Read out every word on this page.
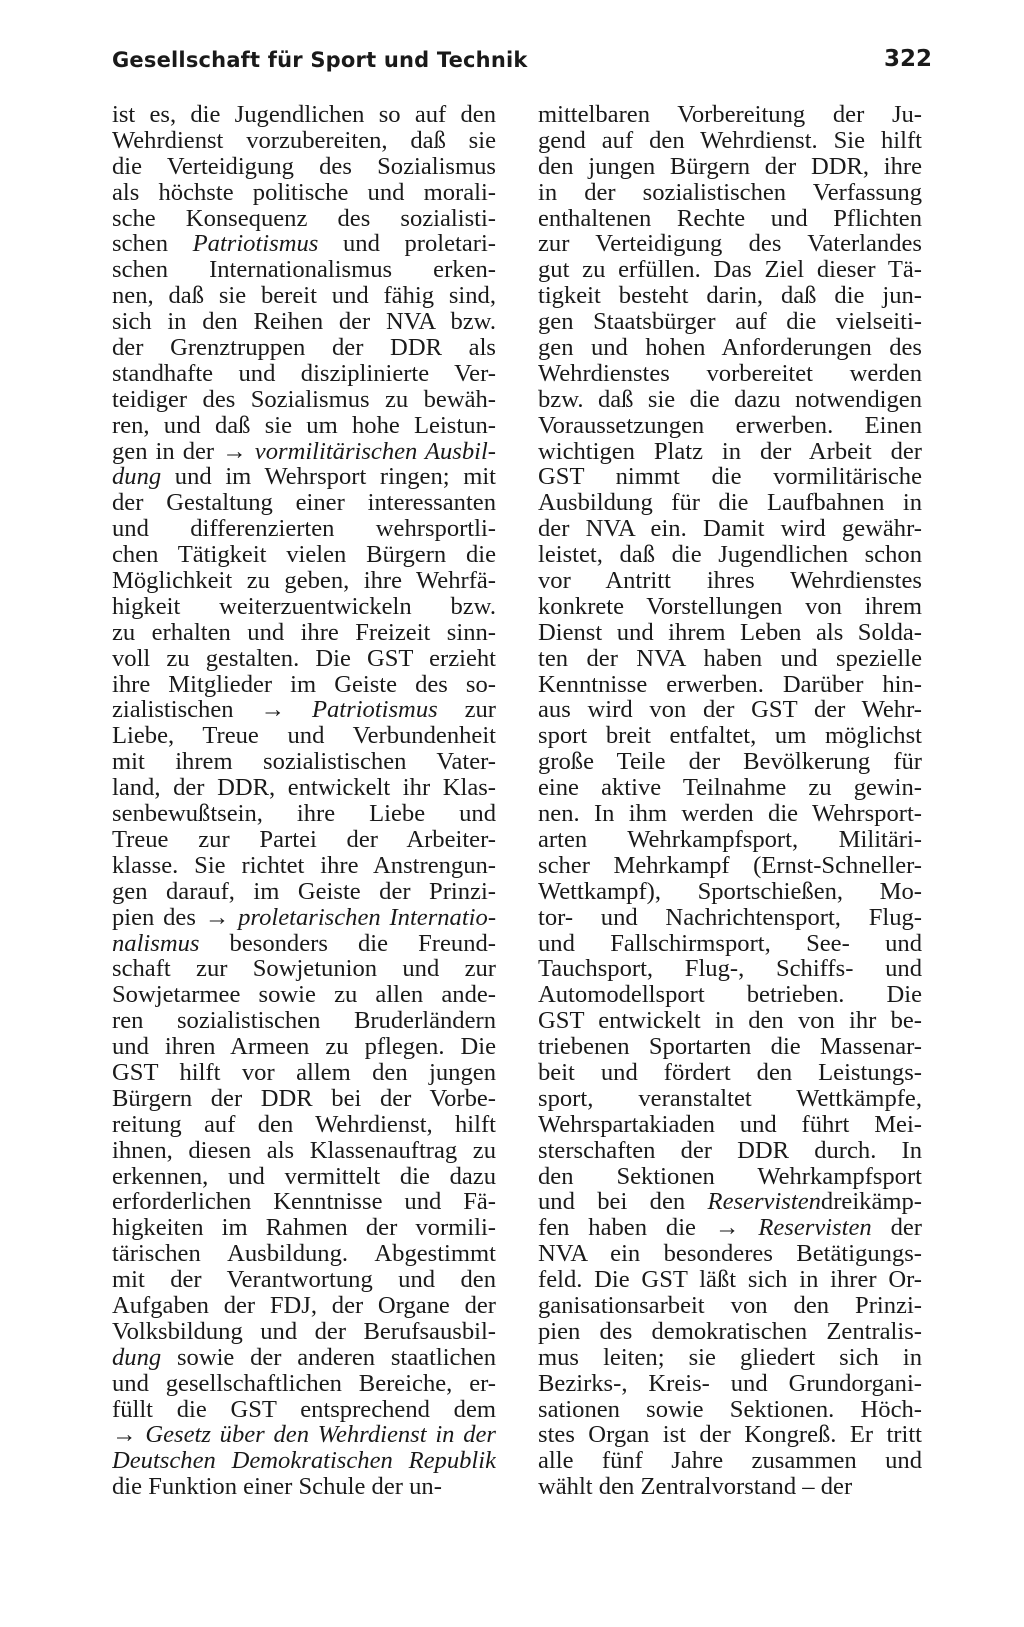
Gesellschaft für Sport und Technik	322
ist es, die Jugendlichen so auf den
Wehrdienst vorzubereiten, daß sie
die Verteidigung des Sozialismus
als höchste politische und morali-
sche Konsequenz des sozialisti-
schen Patriotismus und proletari-
schen Internationalismus erken-
nen, daß sie bereit und fähig sind,
sich in den Reihen der NVA bzw.
der Grenztruppen der DDR als
standhafte und disziplinierte Ver-
teidiger des Sozialismus zu bewäh-
ren, und daß sie um hohe Leistun-
gen in der → vormilitärischen Ausbil-
dung und im Wehrsport ringen; mit
der Gestaltung einer interessanten
und differenzierten wehrsportli-
chen Tätigkeit vielen Bürgern die
Möglichkeit zu geben, ihre Wehrfä-
higkeit weiterzuentwickeln bzw.
zu erhalten und ihre Freizeit sinn-
voll zu gestalten. Die GST erzieht
ihre Mitglieder im Geiste des so-
zialistischen → Patriotismus zur
Liebe, Treue und Verbundenheit
mit ihrem sozialistischen Vater-
land, der DDR, entwickelt ihr Klas-
senbewußtsein, ihre Liebe und
Treue zur Partei der Arbeiter-
klasse. Sie richtet ihre Anstrengun-
gen darauf, im Geiste der Prinzi-
pien des → proletarischen Internatio-
nalismus besonders die Freund-
schaft zur Sowjetunion und zur
Sowjetarmee sowie zu allen ande-
ren sozialistischen Bruderländern
und ihren Armeen zu pflegen. Die
GST hilft vor allem den jungen
Bürgern der DDR bei der Vorbe-
reitung auf den Wehrdienst, hilft
ihnen, diesen als Klassenauftrag zu
erkennen, und vermittelt die dazu
erforderlichen Kenntnisse und Fä-
higkeiten im Rahmen der vormili-
tärischen Ausbildung. Abgestimmt
mit der Verantwortung und den
Aufgaben der FDJ, der Organe der
Volksbildung und der Berufsausbil-
dung sowie der anderen staatlichen
und gesellschaftlichen Bereiche, er-
füllt die GST entsprechend dem
→ Gesetz über den Wehrdienst in der
Deutschen Demokratischen Republik
die Funktion einer Schule der un-
mittelbaren Vorbereitung der Ju-
gend auf den Wehrdienst. Sie hilft
den jungen Bürgern der DDR, ihre
in der sozialistischen Verfassung
enthaltenen Rechte und Pflichten
zur Verteidigung des Vaterlandes
gut zu erfüllen. Das Ziel dieser Tä-
tigkeit besteht darin, daß die jun-
gen Staatsbürger auf die vielseiti-
gen und hohen Anforderungen des
Wehrdienstes vorbereitet werden
bzw. daß sie die dazu notwendigen
Voraussetzungen erwerben. Einen
wichtigen Platz in der Arbeit der
GST nimmt die vormilitärische
Ausbildung für die Laufbahnen in
der NVA ein. Damit wird gewähr-
leistet, daß die Jugendlichen schon
vor Antritt ihres Wehrdienstes
konkrete Vorstellungen von ihrem
Dienst und ihrem Leben als Solda-
ten der NVA haben und spezielle
Kenntnisse erwerben. Darüber hin-
aus wird von der GST der Wehr-
sport breit entfaltet, um möglichst
große Teile der Bevölkerung für
eine aktive Teilnahme zu gewin-
nen. In ihm werden die Wehrsport-
arten Wehrkampfsport, Militäri-
scher Mehrkampf (Ernst-Schneller-
Wettkampf), Sportschießen, Mo-
tor- und Nachrichtensport, Flug-
und Fallschirmsport, See- und
Tauchsport, Flug-, Schiffs- und
Automodellsport betrieben. Die
GST entwickelt in den von ihr be-
triebenen Sportarten die Massenar-
beit und fördert den Leistungs-
sport, veranstaltet Wettkämpfe,
Wehrspartakiaden und führt Mei-
sterschaften der DDR durch. In
den Sektionen Wehrkampfsport
und bei den Reservistendreikämp-
fen haben die → Reservisten der
NVA ein besonderes Betätigungs-
feld. Die GST läßt sich in ihrer Or-
ganisationsarbeit von den Prinzi-
pien des demokratischen Zentralis-
mus leiten; sie gliedert sich in
Bezirks-, Kreis- und Grundorgani-
sationen sowie Sektionen. Höch-
stes Organ ist der Kongreß. Er tritt
alle fünf Jahre zusammen und
wählt den Zentralvorstand – der
